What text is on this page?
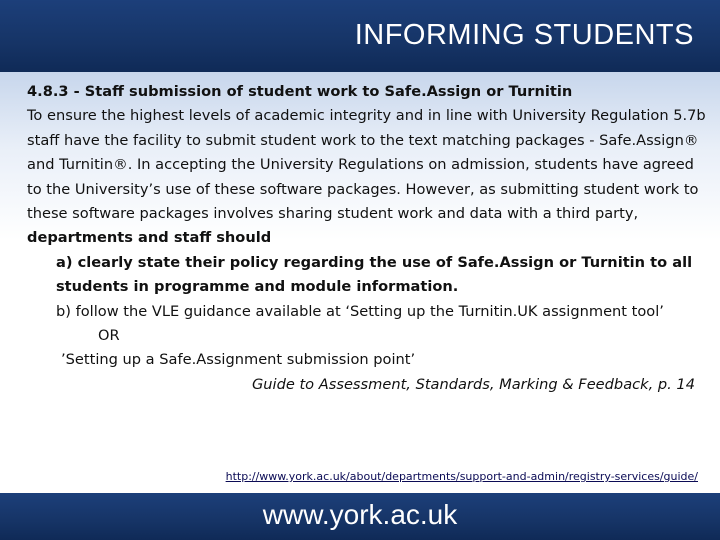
INFORMING STUDENTS

4.8.3 - Staff submission of student work to Safe.Assign or Turnitin

To ensure the highest levels of academic integrity and in line with University Regulation 5.7b staff have the facility to submit student work to the text matching packages - Safe.Assign® and Turnitin®. In accepting the University Regulations on admission, students have agreed to the University’s use of these software packages. However, as submitting student work to these software packages involves sharing student work and data with a third party, departments and staff should

a) clearly state their policy regarding the use of Safe.Assign or Turnitin to all students in programme and module information.

b) follow the VLE guidance available at ‘Setting up the Turnitin.UK assignment tool’

OR

’Setting up a Safe.Assignment submission point’

Guide to Assessment, Standards, Marking & Feedback, p. 14

http://www.york.ac.uk/about/departments/support-and-admin/registry-services/guide/
www.york.ac.uk
